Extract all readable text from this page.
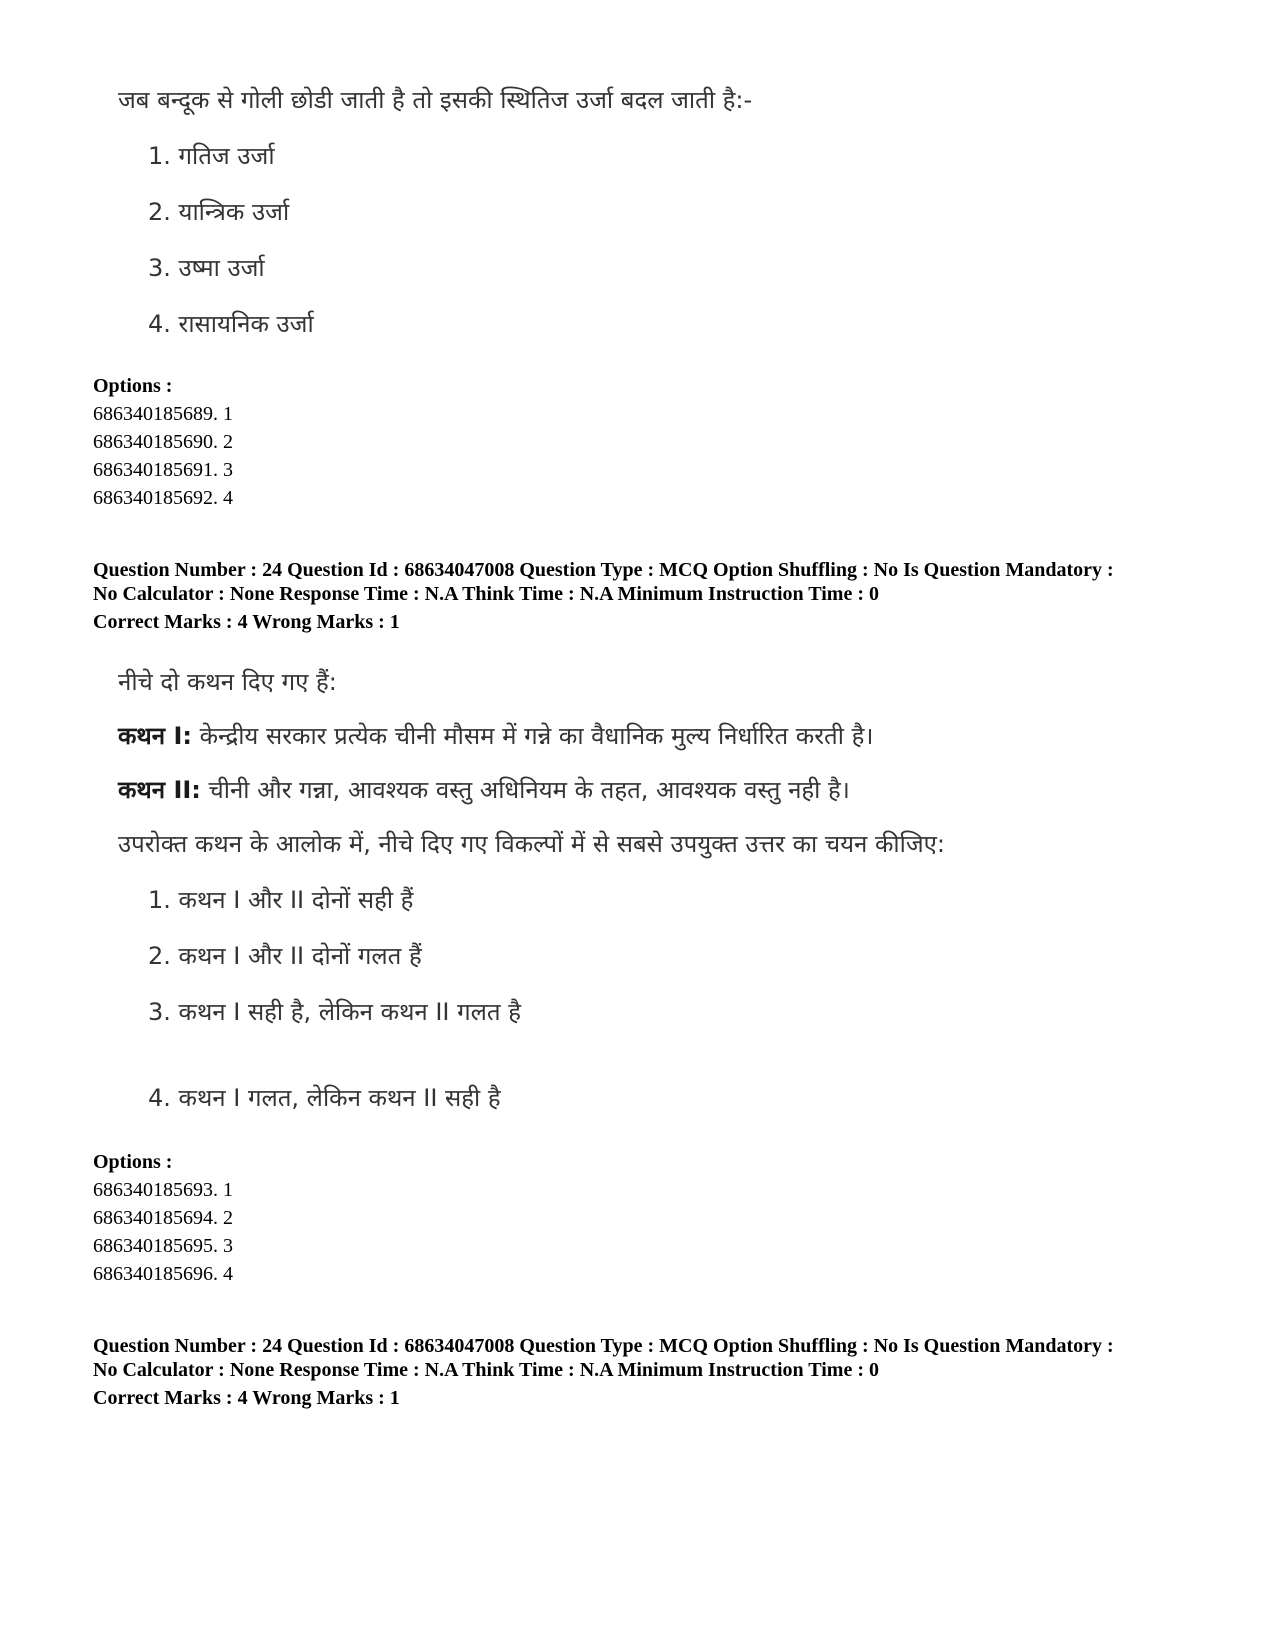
जब बन्दूक से गोली छोडी जाती है तो इसकी स्थितिज उर्जा बदल जाती है:-
1. गतिज उर्जा
2. यान्त्रिक उर्जा
3. उष्मा उर्जा
4. रासायनिक उर्जा
Options :
686340185689. 1
686340185690. 2
686340185691. 3
686340185692. 4
Question Number : 24 Question Id : 68634047008 Question Type : MCQ Option Shuffling : No Is Question Mandatory :
No Calculator : None Response Time : N.A Think Time : N.A Minimum Instruction Time : 0
Correct Marks : 4 Wrong Marks : 1
नीचे दो कथन दिए गए हैं:
कथन I: केन्द्रीय सरकार प्रत्येक चीनी मौसम में गन्ने का वैधानिक मुल्य निर्धारित करती है।
कथन II: चीनी और गन्ना, आवश्यक वस्तु अधिनियम के तहत, आवश्यक वस्तु नही है।
उपरोक्त कथन के आलोक में, नीचे दिए गए विकल्पों में से सबसे उपयुक्त उत्तर का चयन कीजिए:
1. कथन I और II दोनों सही हैं
2. कथन I और II दोनों गलत हैं
3. कथन I सही है, लेकिन कथन II गलत है
4. कथन I गलत, लेकिन कथन II सही है
Options :
686340185693. 1
686340185694. 2
686340185695. 3
686340185696. 4
Question Number : 24 Question Id : 68634047008 Question Type : MCQ Option Shuffling : No Is Question Mandatory :
No Calculator : None Response Time : N.A Think Time : N.A Minimum Instruction Time : 0
Correct Marks : 4 Wrong Marks : 1
